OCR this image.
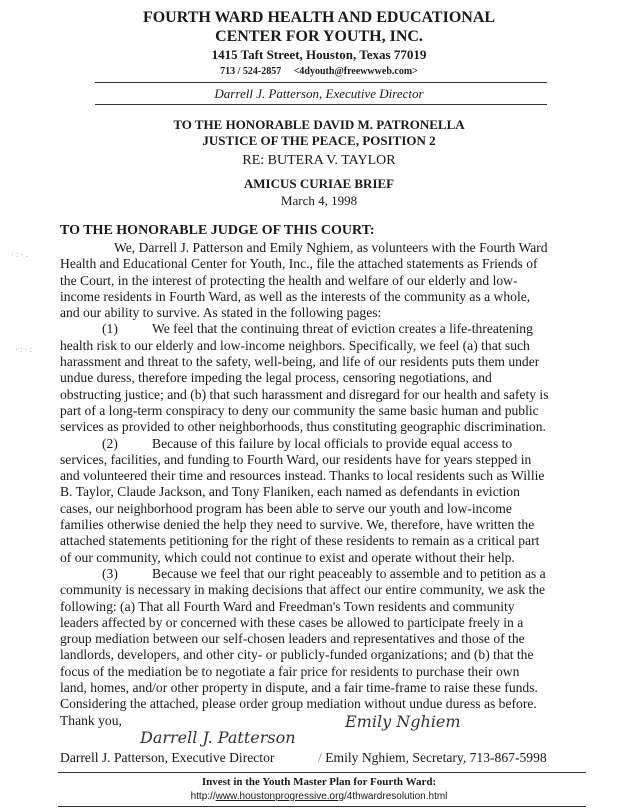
FOURTH WARD HEALTH AND EDUCATIONAL
CENTER FOR YOUTH, INC.
1415 Taft Street, Houston, Texas 77019
713 / 524-2857 <4dyouth@freewwweb.com>
Darrell J. Patterson, Executive Director
TO THE HONORABLE DAVID M. PATRONELLA
JUSTICE OF THE PEACE, POSITION 2
RE: BUTERA V. TAYLOR
AMICUS CURIAE BRIEF
March 4, 1998
TO THE HONORABLE JUDGE OF THIS COURT:
·:·.
·:·:
We, Darrell J. Patterson and Emily Nghiem, as volunteers with the Fourth Ward
Health and Educational Center for Youth, Inc., file the attached statements as Friends of
the Court, in the interest of protecting the health and welfare of our elderly and low-
income residents in Fourth Ward, as well as the interests of the community as a whole,
and our ability to survive. As stated in the following pages:
(1)	We feel that the continuing threat of eviction creates a life-threatening
health risk to our elderly and low-income neighbors. Specifically, we feel (a) that such
harassment and threat to the safety, well-being, and life of our residents puts them under
undue duress, therefore impeding the legal process, censoring negotiations, and
obstructing justice; and (b) that such harassment and disregard for our health and safety is
part of a long-term conspiracy to deny our community the same basic human and public
services as provided to other neighborhoods, thus constituting geographic discrimination.
(2)	Because of this failure by local officials to provide equal access to
services, facilities, and funding to Fourth Ward, our residents have for years stepped in
and volunteered their time and resources instead. Thanks to local residents such as Willie
B. Taylor, Claude Jackson, and Tony Flaniken, each named as defendants in eviction
cases, our neighborhood program has been able to serve our youth and low-income
families otherwise denied the help they need to survive. We, therefore, have written the
attached statements petitioning for the right of these residents to remain as a critical part
of our community, which could not continue to exist and operate without their help.
(3)	Because we feel that our right peaceably to assemble and to petition as a
community is necessary in making decisions that affect our entire community, we ask the
following: (a) That all Fourth Ward and Freedman's Town residents and community
leaders affected by or concerned with these cases be allowed to participate freely in a
group mediation between our self-chosen leaders and representatives and those of the
landlords, developers, and other city- or publicly-funded organizations; and (b) that the
focus of the mediation be to negotiate a fair price for residents to purchase their own
land, homes, and/or other property in dispute, and a fair time-frame to raise these funds.
Considering the attached, please order group mediation without undue duress as before.
Thank you,
Darrell J. Patterson
Emily Nghiem
Darrell J. Patterson, Executive Director	/ Emily Nghiem, Secretary, 713-867-5998
Invest in the Youth Master Plan for Fourth Ward:
http://www.houstonprogressive.org/4thwardresolution.html
